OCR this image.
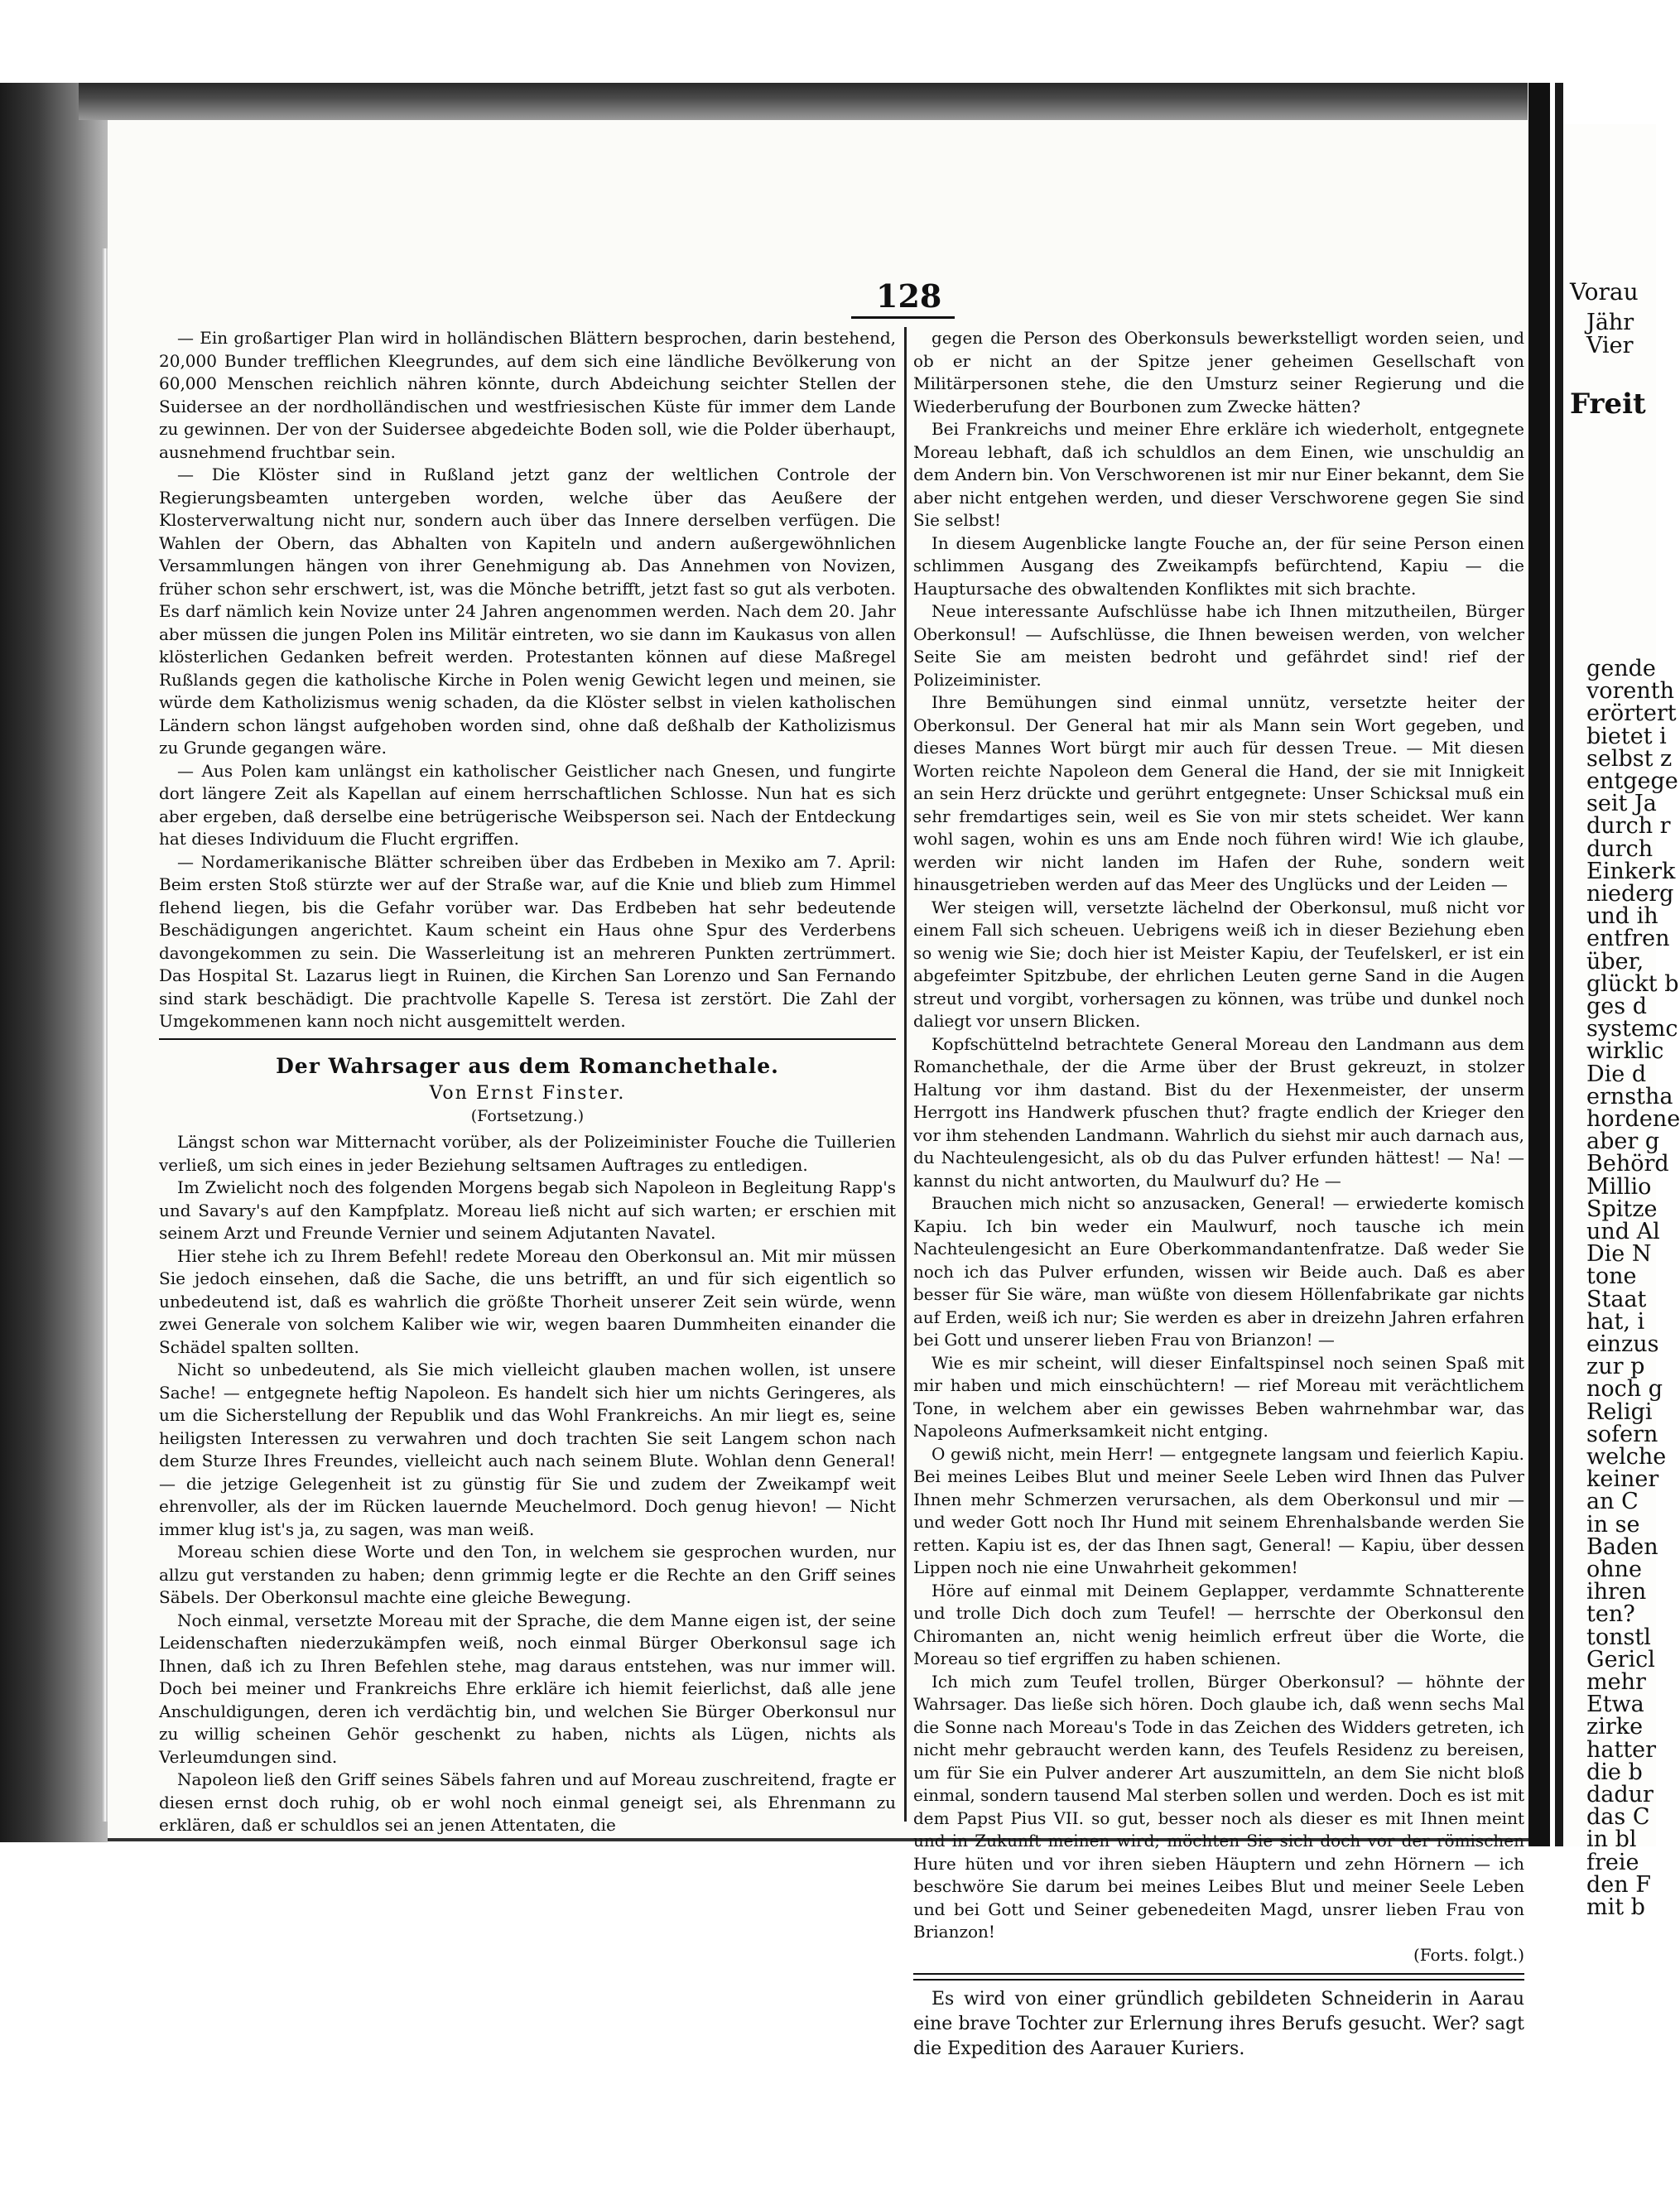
128

— Ein großartiger Plan wird in holländischen Blättern besprochen, darin bestehend, 20,000 Bunder trefflichen Kleegrundes, auf dem sich eine ländliche Bevölkerung von 60,000 Menschen reichlich nähren könnte, durch Abdeichung seichter Stellen der Suidersee an der nordholländischen und westfriesischen Küste für immer dem Lande zu gewinnen. Der von der Suidersee abgedeichte Boden soll, wie die Polder überhaupt, ausnehmend fruchtbar sein.

— Die Klöster sind in Rußland jetzt ganz der weltlichen Controle der Regierungsbeamten untergeben worden, welche über das Aeußere der Klosterverwaltung nicht nur, sondern auch über das Innere derselben verfügen. Die Wahlen der Obern, das Abhalten von Kapiteln und andern außergewöhnlichen Versammlungen hängen von ihrer Genehmigung ab. Das Annehmen von Novizen, früher schon sehr erschwert, ist, was die Mönche betrifft, jetzt fast so gut als verboten. Es darf nämlich kein Novize unter 24 Jahren angenommen werden. Nach dem 20. Jahr aber müssen die jungen Polen ins Militär eintreten, wo sie dann im Kaukasus von allen klösterlichen Gedanken befreit werden. Protestanten können auf diese Maßregel Rußlands gegen die katholische Kirche in Polen wenig Gewicht legen und meinen, sie würde dem Katholizismus wenig schaden, da die Klöster selbst in vielen katholischen Ländern schon längst aufgehoben worden sind, ohne daß deßhalb der Katholizismus zu Grunde gegangen wäre.

— Aus Polen kam unlängst ein katholischer Geistlicher nach Gnesen, und fungirte dort längere Zeit als Kapellan auf einem herrschaftlichen Schlosse. Nun hat es sich aber ergeben, daß derselbe eine betrügerische Weibsperson sei. Nach der Entdeckung hat dieses Individuum die Flucht ergriffen.

— Nordamerikanische Blätter schreiben über das Erdbeben in Mexiko am 7. April: Beim ersten Stoß stürzte wer auf der Straße war, auf die Knie und blieb zum Himmel flehend liegen, bis die Gefahr vorüber war. Das Erdbeben hat sehr bedeutende Beschädigungen angerichtet. Kaum scheint ein Haus ohne Spur des Verderbens davongekommen zu sein. Die Wasserleitung ist an mehreren Punkten zertrümmert. Das Hospital St. Lazarus liegt in Ruinen, die Kirchen San Lorenzo und San Fernando sind stark beschädigt. Die prachtvolle Kapelle S. Teresa ist zerstört. Die Zahl der Umgekommenen kann noch nicht ausgemittelt werden.

Der Wahrsager aus dem Romanchethale.
Von Ernst Finster.
(Fortsetzung.)

Längst schon war Mitternacht vorüber, als der Polizeiminister Fouche die Tuillerien verließ, um sich eines in jeder Beziehung seltsamen Auftrages zu entledigen.

Im Zwielicht noch des folgenden Morgens begab sich Napoleon in Begleitung Rapp's und Savary's auf den Kampfplatz. Moreau ließ nicht auf sich warten; er erschien mit seinem Arzt und Freunde Vernier und seinem Adjutanten Navatel.

Hier stehe ich zu Ihrem Befehl! redete Moreau den Oberkonsul an. Mit mir müssen Sie jedoch einsehen, daß die Sache, die uns betrifft, an und für sich eigentlich so unbedeutend ist, daß es wahrlich die größte Thorheit unserer Zeit sein würde, wenn zwei Generale von solchem Kaliber wie wir, wegen baaren Dummheiten einander die Schädel spalten sollten.

Nicht so unbedeutend, als Sie mich vielleicht glauben machen wollen, ist unsere Sache! — entgegnete heftig Napoleon. Es handelt sich hier um nichts Geringeres, als um die Sicherstellung der Republik und das Wohl Frankreichs. An mir liegt es, seine heiligsten Interessen zu verwahren und doch trachten Sie seit Langem schon nach dem Sturze Ihres Freundes, vielleicht auch nach seinem Blute. Wohlan denn General! — die jetzige Gelegenheit ist zu günstig für Sie und zudem der Zweikampf weit ehrenvoller, als der im Rücken lauernde Meuchelmord. Doch genug hievon! — Nicht immer klug ist's ja, zu sagen, was man weiß.

Moreau schien diese Worte und den Ton, in welchem sie gesprochen wurden, nur allzu gut verstanden zu haben; denn grimmig legte er die Rechte an den Griff seines Säbels. Der Oberkonsul machte eine gleiche Bewegung.

Noch einmal, versetzte Moreau mit der Sprache, die dem Manne eigen ist, der seine Leidenschaften niederzukämpfen weiß, noch einmal Bürger Oberkonsul sage ich Ihnen, daß ich zu Ihren Befehlen stehe, mag daraus entstehen, was nur immer will. Doch bei meiner und Frankreichs Ehre erkläre ich hiemit feierlichst, daß alle jene Anschuldigungen, deren ich verdächtig bin, und welchen Sie Bürger Oberkonsul nur zu willig scheinen Gehör geschenkt zu haben, nichts als Lügen, nichts als Verleumdungen sind.

Napoleon ließ den Griff seines Säbels fahren und auf Moreau zuschreitend, fragte er diesen ernst doch ruhig, ob er wohl noch einmal geneigt sei, als Ehrenmann zu erklären, daß er schuldlos sei an jenen Attentaten, die

gegen die Person des Oberkonsuls bewerkstelligt worden seien, und ob er nicht an der Spitze jener geheimen Gesellschaft von Militärpersonen stehe, die den Umsturz seiner Regierung und die Wiederberufung der Bourbonen zum Zwecke hätten?

Bei Frankreichs und meiner Ehre erkläre ich wiederholt, entgegnete Moreau lebhaft, daß ich schuldlos an dem Einen, wie unschuldig an dem Andern bin. Von Verschworenen ist mir nur Einer bekannt, dem Sie aber nicht entgehen werden, und dieser Verschworene gegen Sie sind Sie selbst!

In diesem Augenblicke langte Fouche an, der für seine Person einen schlimmen Ausgang des Zweikampfs befürchtend, Kapiu — die Hauptursache des obwaltenden Konfliktes mit sich brachte.

Neue interessante Aufschlüsse habe ich Ihnen mitzutheilen, Bürger Oberkonsul! — Aufschlüsse, die Ihnen beweisen werden, von welcher Seite Sie am meisten bedroht und gefährdet sind! rief der Polizeiminister.

Ihre Bemühungen sind einmal unnütz, versetzte heiter der Oberkonsul. Der General hat mir als Mann sein Wort gegeben, und dieses Mannes Wort bürgt mir auch für dessen Treue. — Mit diesen Worten reichte Napoleon dem General die Hand, der sie mit Innigkeit an sein Herz drückte und gerührt entgegnete: Unser Schicksal muß ein sehr fremdartiges sein, weil es Sie von mir stets scheidet. Wer kann wohl sagen, wohin es uns am Ende noch führen wird! Wie ich glaube, werden wir nicht landen im Hafen der Ruhe, sondern weit hinausgetrieben werden auf das Meer des Unglücks und der Leiden —

Wer steigen will, versetzte lächelnd der Oberkonsul, muß nicht vor einem Fall sich scheuen. Uebrigens weiß ich in dieser Beziehung eben so wenig wie Sie; doch hier ist Meister Kapiu, der Teufelskerl, er ist ein abgefeimter Spitzbube, der ehrlichen Leuten gerne Sand in die Augen streut und vorgibt, vorhersagen zu können, was trübe und dunkel noch daliegt vor unsern Blicken.

Kopfschüttelnd betrachtete General Moreau den Landmann aus dem Romanchethale, der die Arme über der Brust gekreuzt, in stolzer Haltung vor ihm dastand. Bist du der Hexenmeister, der unserm Herrgott ins Handwerk pfuschen thut? fragte endlich der Krieger den vor ihm stehenden Landmann. Wahrlich du siehst mir auch darnach aus, du Nachteulengesicht, als ob du das Pulver erfunden hättest! — Na! — kannst du nicht antworten, du Maulwurf du? He —

Brauchen mich nicht so anzusacken, General! — erwiederte komisch Kapiu. Ich bin weder ein Maulwurf, noch tausche ich mein Nachteulengesicht an Eure Oberkommandantenfratze. Daß weder Sie noch ich das Pulver erfunden, wissen wir Beide auch. Daß es aber besser für Sie wäre, man wüßte von diesem Höllenfabrikate gar nichts auf Erden, weiß ich nur; Sie werden es aber in dreizehn Jahren erfahren bei Gott und unserer lieben Frau von Brianzon! —

Wie es mir scheint, will dieser Einfaltspinsel noch seinen Spaß mit mir haben und mich einschüchtern! — rief Moreau mit verächtlichem Tone, in welchem aber ein gewisses Beben wahrnehmbar war, das Napoleons Aufmerksamkeit nicht entging.

O gewiß nicht, mein Herr! — entgegnete langsam und feierlich Kapiu. Bei meines Leibes Blut und meiner Seele Leben wird Ihnen das Pulver Ihnen mehr Schmerzen verursachen, als dem Oberkonsul und mir — und weder Gott noch Ihr Hund mit seinem Ehrenhalsbande werden Sie retten. Kapiu ist es, der das Ihnen sagt, General! — Kapiu, über dessen Lippen noch nie eine Unwahrheit gekommen!

Höre auf einmal mit Deinem Geplapper, verdammte Schnatterente und trolle Dich doch zum Teufel! — herrschte der Oberkonsul den Chiromanten an, nicht wenig heimlich erfreut über die Worte, die Moreau so tief ergriffen zu haben schienen.

Ich mich zum Teufel trollen, Bürger Oberkonsul? — höhnte der Wahrsager. Das ließe sich hören. Doch glaube ich, daß wenn sechs Mal die Sonne nach Moreau's Tode in das Zeichen des Widders getreten, ich nicht mehr gebraucht werden kann, des Teufels Residenz zu bereisen, um für Sie ein Pulver anderer Art auszumitteln, an dem Sie nicht bloß einmal, sondern tausend Mal sterben sollen und werden. Doch es ist mit dem Papst Pius VII. so gut, besser noch als dieser es mit Ihnen meint und in Zukunft meinen wird; möchten Sie sich doch vor der römischen Hure hüten und vor ihren sieben Häuptern und zehn Hörnern — ich beschwöre Sie darum bei meines Leibes Blut und meiner Seele Leben und bei Gott und Seiner gebenedeiten Magd, unsrer lieben Frau von Brianzon!

(Forts. folgt.)

Es wird von einer gründlich gebildeten Schneiderin in Aarau eine brave Tochter zur Erlernung ihres Berufs gesucht. Wer? sagt die Expedition des Aarauer Kuriers.

Vorau
Jähr
Vier
Freit
gende
vorenth
erörtert
bietet i
selbst z
entgege
seit Ja
durch r
durch
Einkerk
niederg
und ih
entfren
über,
glückt b
ges d
systemc
wirklic
Die d
ernstha
hordene
aber g
Behörd
Millio
Spitze
und Al
Die N
tone
Staat
hat, i
einzus
zur p
noch g
Religi
sofern
welche
keiner
an C
in se
Baden
ohne
ihren
ten?
tonstl
Gericl
mehr
Etwa
zirke
hatter
die b
dadur
das C
in bl
freie
den F
mit b
